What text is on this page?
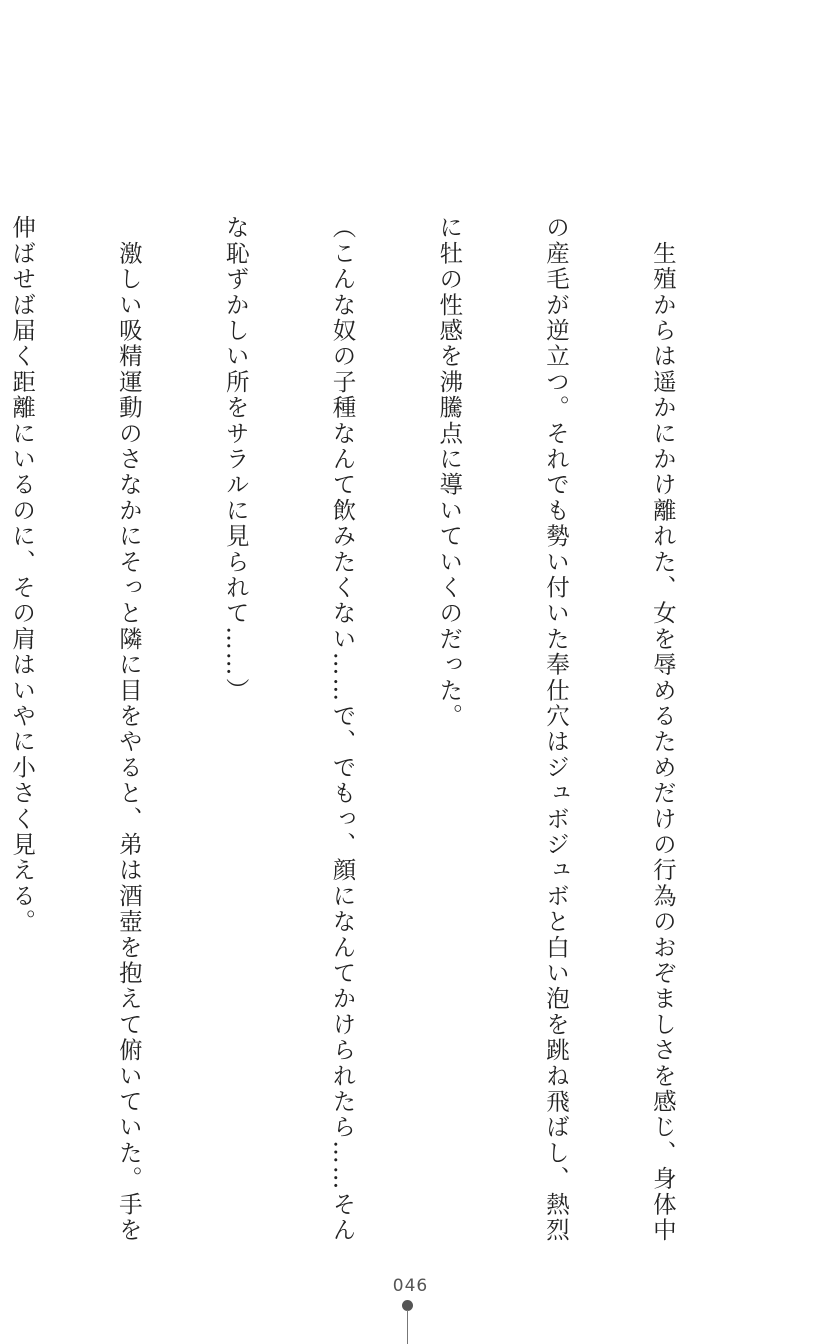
　生殖からは遥かにかけ離れた、女を辱めるためだけの行為のおぞましさを感じ、身体中

の産毛が逆立つ。それでも勢い付いた奉仕穴はジュボジュボと白い泡を跳ね飛ばし、熱烈

に牡の性感を沸騰点に導いていくのだった。

（こんな奴の子種なんて飲みたくない……で、でもっ、顔になんてかけられたら……そん

な恥ずかしい所をサラルに見られて……）

　激しい吸精運動のさなかにそっと隣に目をやると、弟は酒壺を抱えて俯いていた。手を

伸ばせば届く距離にいるのに、その肩はいやに小さく見える。

046
